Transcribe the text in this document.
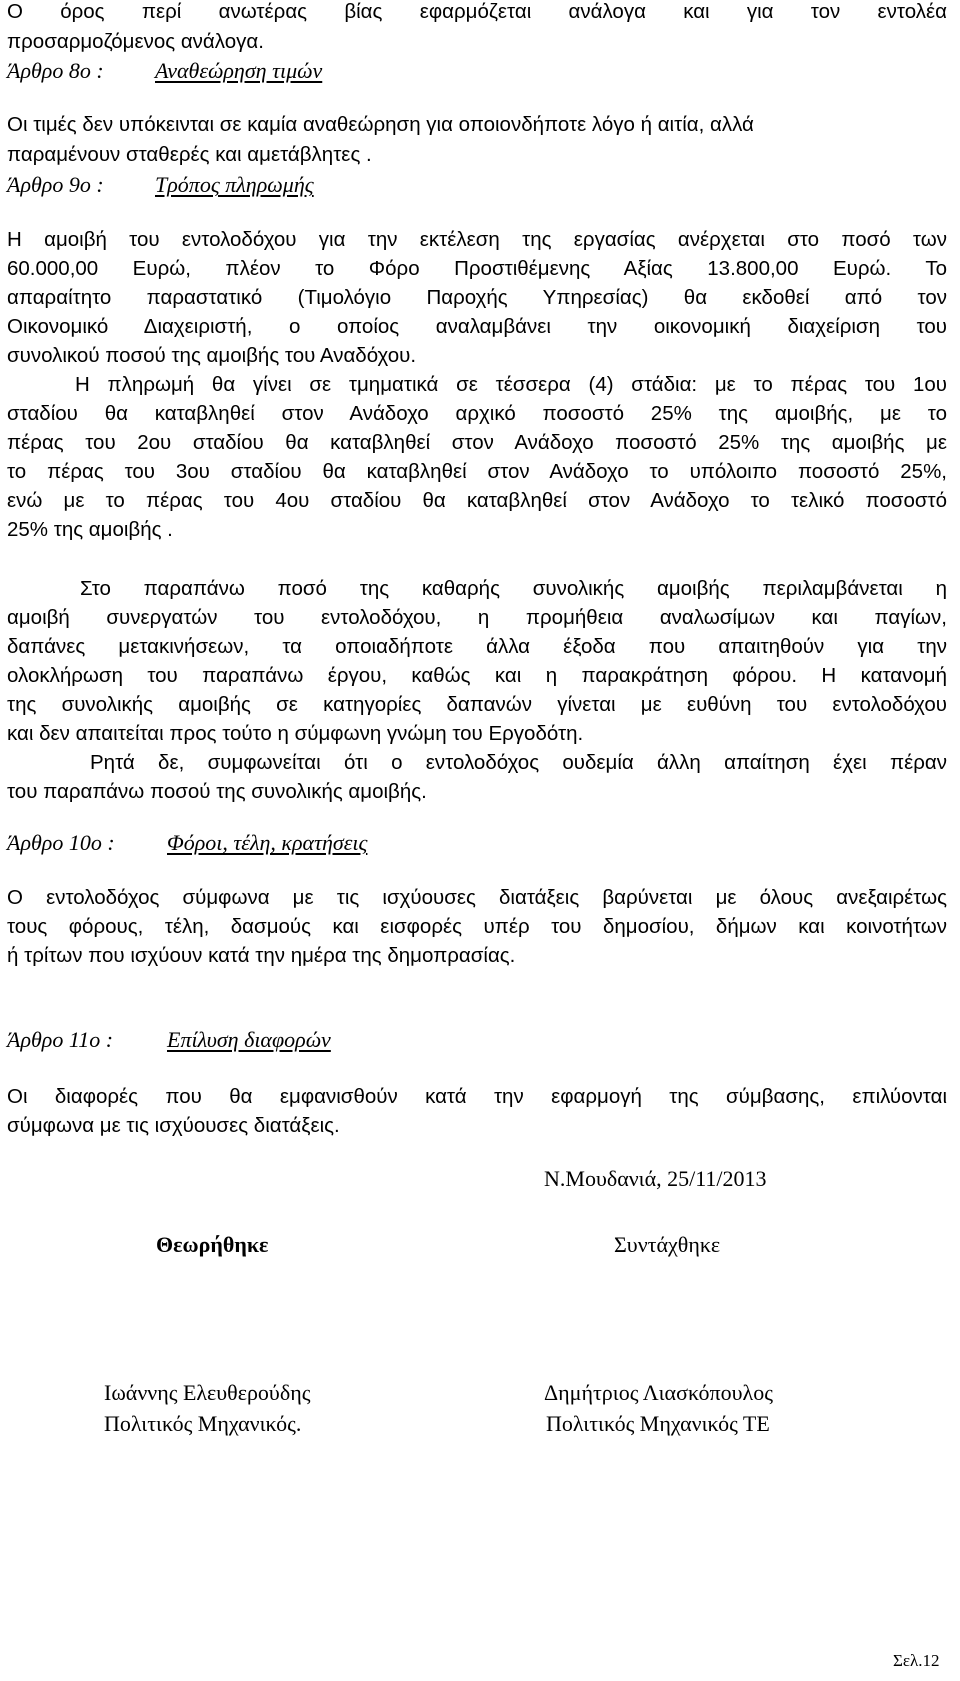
Ο όρος περί ανωτέρας βίας εφαρμόζεται ανάλογα και για τον εντολέα
προσαρμοζόμενος ανάλογα.
Άρθρο 8ο : Αναθεώρηση τιμών
Οι τιμές δεν υπόκεινται σε καμία αναθεώρηση για οποιονδήποτε λόγο ή αιτία, αλλά
παραμένουν σταθερές και αμετάβλητες .
Άρθρο 9ο : Τρόπος πληρωμής
Η αμοιβή του εντολοδόχου για την εκτέλεση της εργασίας ανέρχεται στο ποσό των
60.000,00 Ευρώ, πλέον το Φόρο Προστιθέμενης Αξίας 13.800,00 Ευρώ. Το
απαραίτητο παραστατικό (Τιμολόγιο Παροχής Υπηρεσίας) θα εκδοθεί από τον
Οικονομικό Διαχειριστή, ο οποίος αναλαμβάνει την οικονομική διαχείριση του
συνολικού ποσού της αμοιβής του Αναδόχου.
Η πληρωμή θα γίνει σε τμηματικά σε τέσσερα (4) στάδια: με το πέρας του 1ου
σταδίου θα καταβληθεί στον Ανάδοχο αρχικό ποσοστό 25% της αμοιβής, με το
πέρας του 2ου σταδίου θα καταβληθεί στον Ανάδοχο ποσοστό 25% της αμοιβής με
το πέρας του 3ου σταδίου θα καταβληθεί στον Ανάδοχο το υπόλοιπο ποσοστό 25%,
ενώ με το πέρας του 4ου σταδίου θα καταβληθεί στον Ανάδοχο το τελικό ποσοστό
25% της αμοιβής .
Στο παραπάνω ποσό της καθαρής συνολικής αμοιβής περιλαμβάνεται η
αμοιβή συνεργατών του εντολοδόχου, η προμήθεια αναλωσίμων και παγίων,
δαπάνες μετακινήσεων, τα οποιαδήποτε άλλα έξοδα που απαιτηθούν για την
ολοκλήρωση του παραπάνω έργου, καθώς και η παρακράτηση φόρου. Η κατανομή
της συνολικής αμοιβής σε κατηγορίες δαπανών γίνεται με ευθύνη του εντολοδόχου
και δεν απαιτείται προς τούτο η σύμφωνη γνώμη του Εργοδότη.
Ρητά δε, συμφωνείται ότι ο εντολοδόχος ουδεμία άλλη απαίτηση έχει πέραν
του παραπάνω ποσού της συνολικής αμοιβής.
Άρθρο 10ο : Φόροι, τέλη, κρατήσεις
Ο εντολοδόχος σύμφωνα με τις ισχύουσες διατάξεις βαρύνεται με όλους ανεξαιρέτως
τους φόρους, τέλη, δασμούς και εισφορές υπέρ του δημοσίου, δήμων και κοινοτήτων
ή τρίτων που ισχύουν κατά την ημέρα της δημοπρασίας.
Άρθρο 11ο : Επίλυση διαφορών
Οι διαφορές που θα εμφανισθούν κατά την εφαρμογή της σύμβασης, επιλύονται
σύμφωνα με τις ισχύουσες διατάξεις.
Ν.Μουδανιά, 25/11/2013
Θεωρήθηκε	Συντάχθηκε
Ιωάννης Ελευθερούδης
Πολιτικός Μηχανικός.
Δημήτριος Λιασκόπουλος
Πολιτικός Μηχανικός ΤΕ
Σελ.12
